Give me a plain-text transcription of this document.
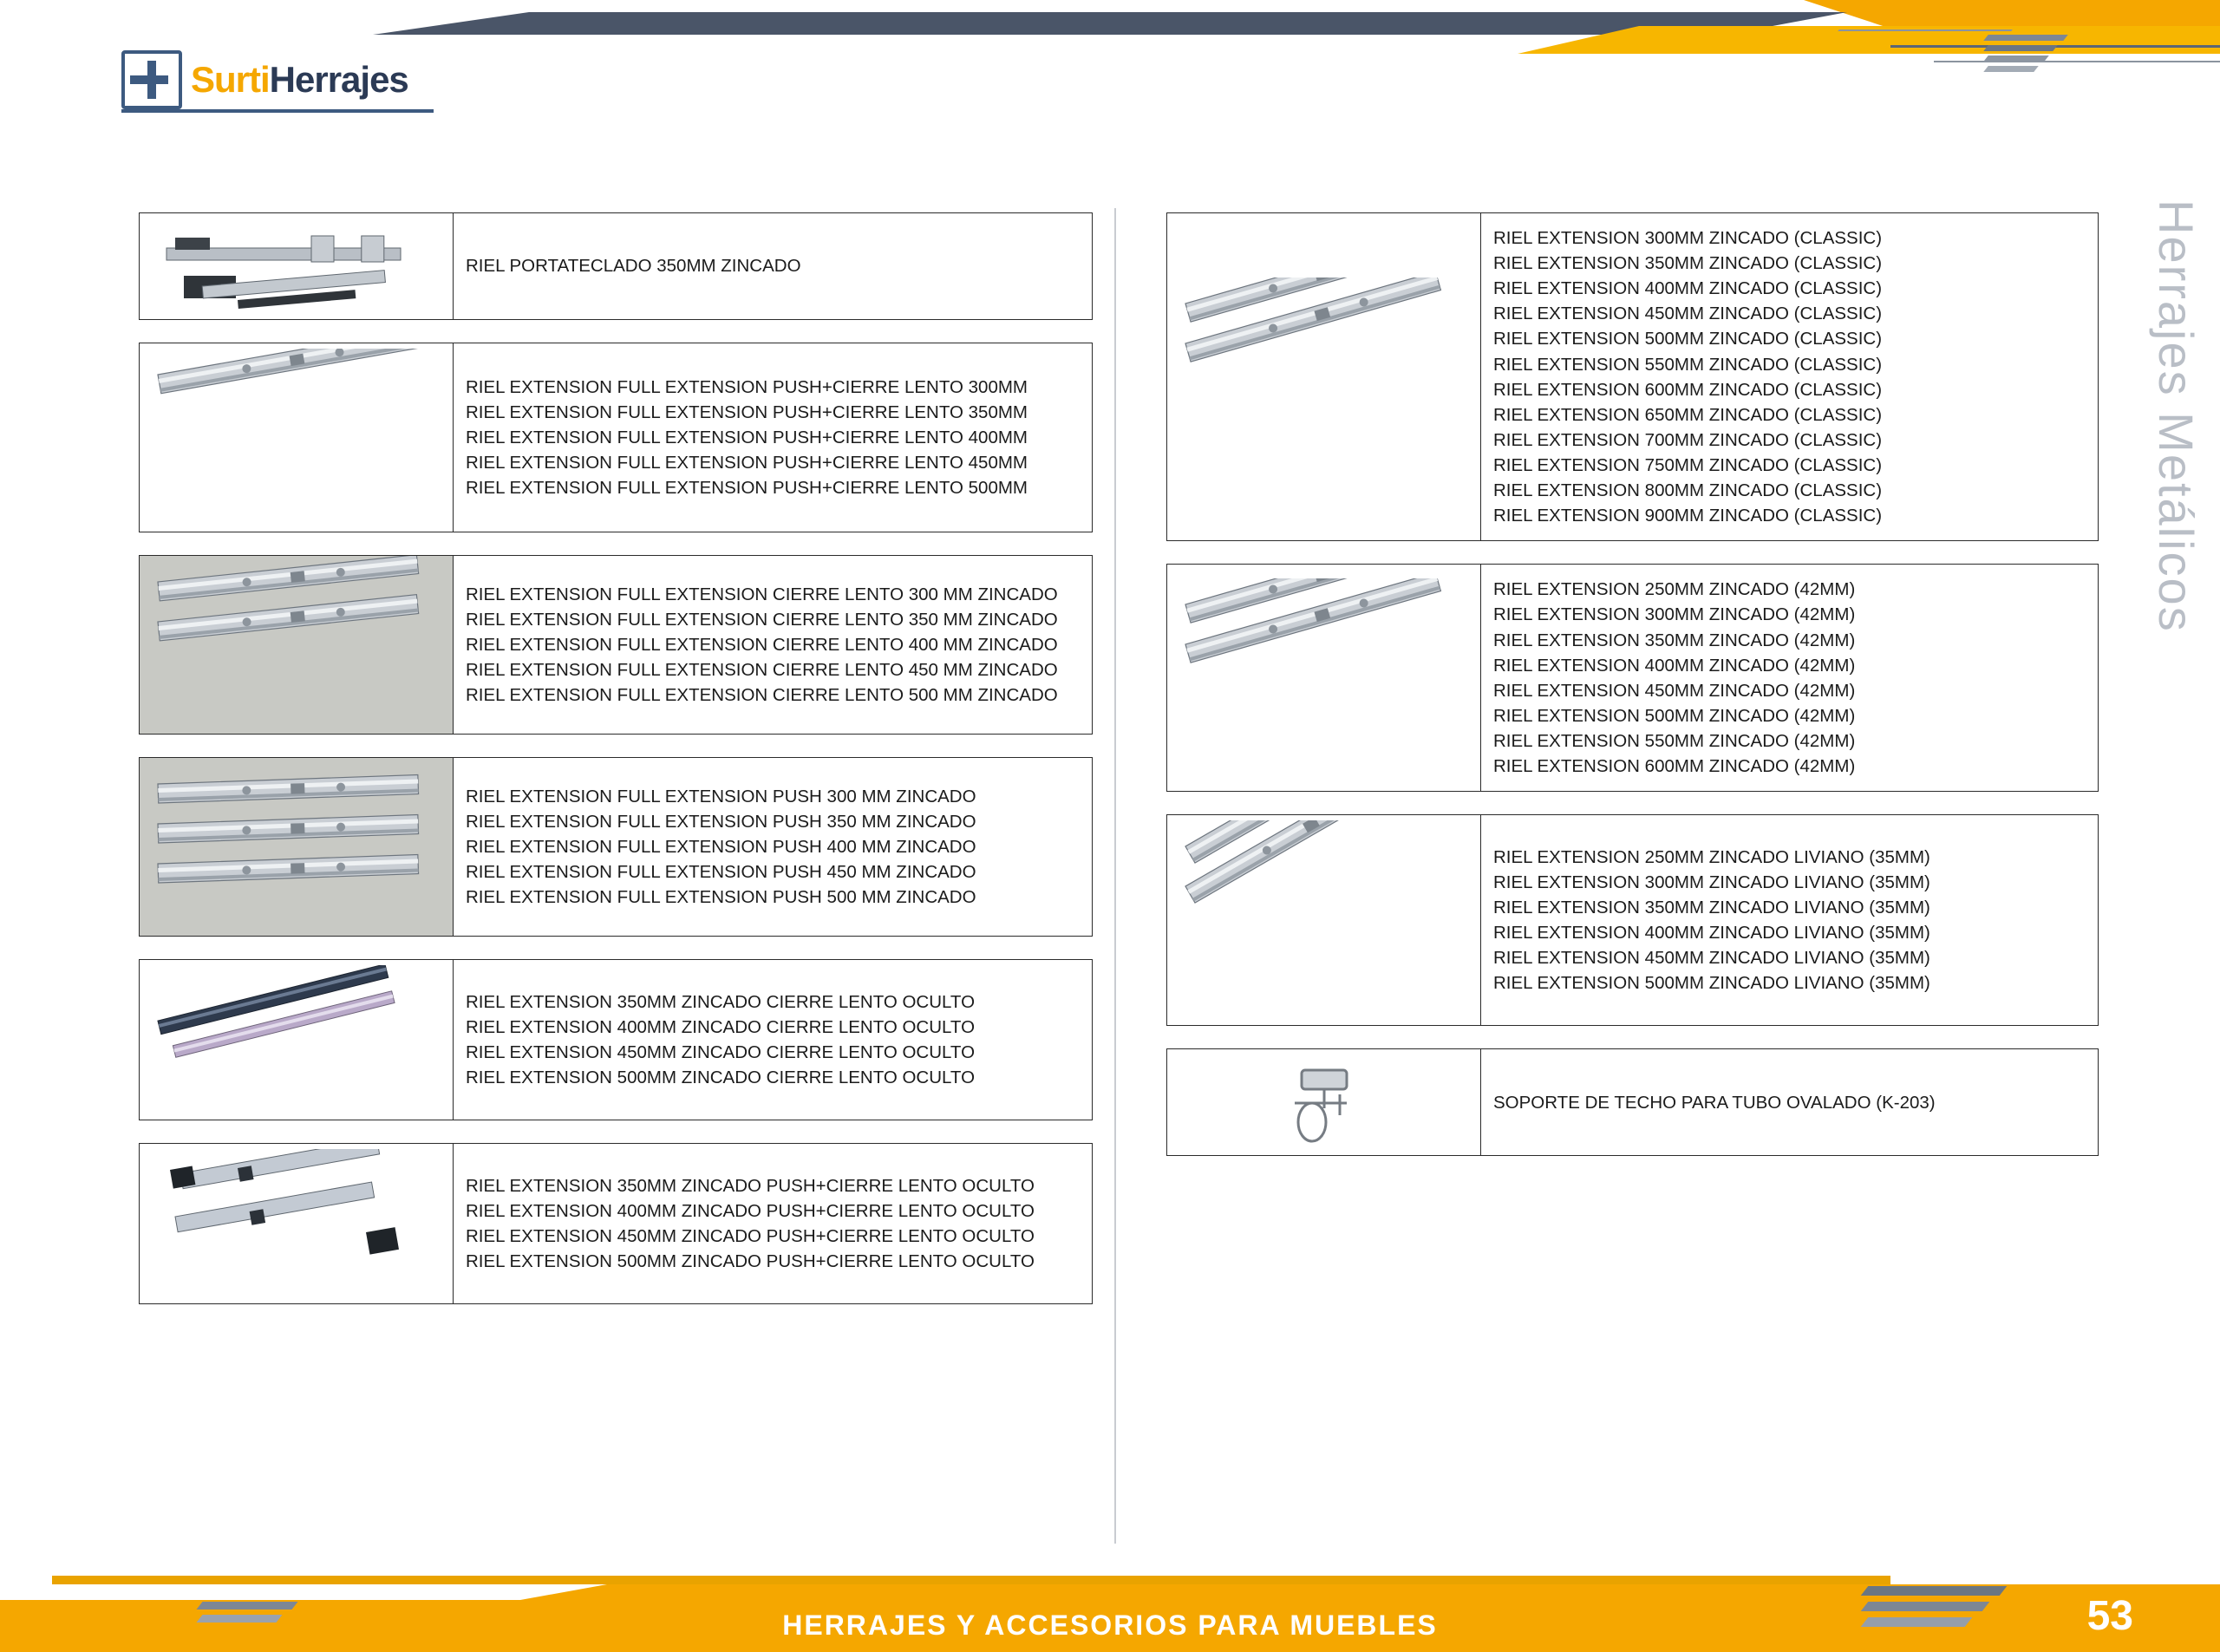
SurtiHerrajes
Herrajes Metálicos
RIEL PORTATECLADO 350MM ZINCADO
RIEL EXTENSION FULL EXTENSION PUSH+CIERRE LENTO 300MM
RIEL EXTENSION FULL EXTENSION PUSH+CIERRE LENTO 350MM
RIEL EXTENSION FULL EXTENSION PUSH+CIERRE LENTO 400MM
RIEL EXTENSION FULL EXTENSION PUSH+CIERRE LENTO 450MM
RIEL EXTENSION FULL EXTENSION PUSH+CIERRE LENTO 500MM
RIEL EXTENSION FULL EXTENSION CIERRE LENTO 300 MM ZINCADO
RIEL EXTENSION FULL EXTENSION CIERRE LENTO 350 MM ZINCADO
RIEL EXTENSION FULL EXTENSION CIERRE LENTO 400 MM ZINCADO
RIEL EXTENSION FULL EXTENSION CIERRE LENTO 450 MM ZINCADO
RIEL EXTENSION FULL EXTENSION CIERRE LENTO 500 MM ZINCADO
RIEL EXTENSION FULL EXTENSION PUSH 300 MM ZINCADO
RIEL EXTENSION FULL EXTENSION PUSH 350 MM ZINCADO
RIEL EXTENSION FULL EXTENSION PUSH 400 MM ZINCADO
RIEL EXTENSION FULL EXTENSION PUSH 450 MM ZINCADO
RIEL EXTENSION FULL EXTENSION PUSH 500 MM ZINCADO
RIEL EXTENSION 350MM ZINCADO CIERRE LENTO OCULTO
RIEL EXTENSION 400MM ZINCADO CIERRE LENTO OCULTO
RIEL EXTENSION 450MM ZINCADO CIERRE LENTO OCULTO
RIEL EXTENSION 500MM ZINCADO CIERRE LENTO OCULTO
RIEL EXTENSION 350MM ZINCADO PUSH+CIERRE LENTO OCULTO
RIEL EXTENSION 400MM ZINCADO PUSH+CIERRE LENTO OCULTO
RIEL EXTENSION 450MM ZINCADO PUSH+CIERRE LENTO OCULTO
RIEL EXTENSION 500MM ZINCADO PUSH+CIERRE LENTO OCULTO
RIEL EXTENSION 300MM ZINCADO (CLASSIC)
RIEL EXTENSION 350MM ZINCADO (CLASSIC)
RIEL EXTENSION 400MM ZINCADO (CLASSIC)
RIEL EXTENSION 450MM ZINCADO (CLASSIC)
RIEL EXTENSION 500MM ZINCADO (CLASSIC)
RIEL EXTENSION 550MM ZINCADO (CLASSIC)
RIEL EXTENSION 600MM ZINCADO (CLASSIC)
RIEL EXTENSION 650MM ZINCADO (CLASSIC)
RIEL EXTENSION 700MM ZINCADO (CLASSIC)
RIEL EXTENSION 750MM ZINCADO (CLASSIC)
RIEL EXTENSION 800MM ZINCADO (CLASSIC)
RIEL EXTENSION 900MM ZINCADO (CLASSIC)
RIEL EXTENSION 250MM ZINCADO (42MM)
RIEL EXTENSION 300MM ZINCADO (42MM)
RIEL EXTENSION 350MM ZINCADO (42MM)
RIEL EXTENSION 400MM ZINCADO (42MM)
RIEL EXTENSION 450MM ZINCADO (42MM)
RIEL EXTENSION 500MM ZINCADO (42MM)
RIEL EXTENSION 550MM ZINCADO (42MM)
RIEL EXTENSION 600MM ZINCADO (42MM)
RIEL EXTENSION 250MM ZINCADO LIVIANO (35MM)
RIEL EXTENSION 300MM ZINCADO LIVIANO (35MM)
RIEL EXTENSION 350MM ZINCADO LIVIANO (35MM)
RIEL EXTENSION 400MM ZINCADO LIVIANO (35MM)
RIEL EXTENSION 450MM ZINCADO LIVIANO (35MM)
RIEL EXTENSION 500MM ZINCADO LIVIANO (35MM)
SOPORTE DE TECHO PARA TUBO OVALADO (K-203)
HERRAJES Y ACCESORIOS PARA MUEBLES	53
